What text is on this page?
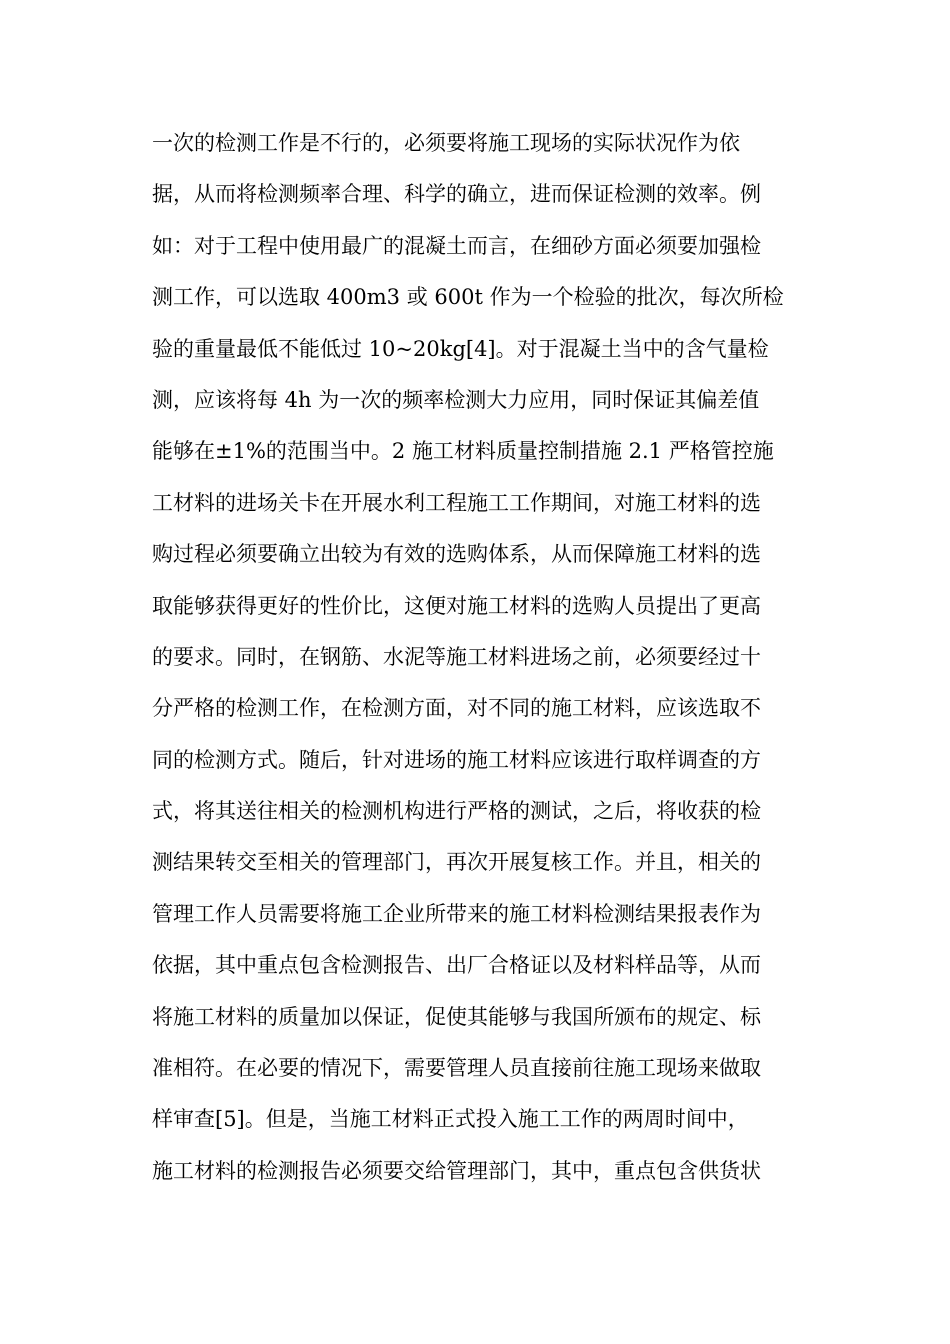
一次的检测工作是不行的，必须要将施工现场的实际状况作为依
据，从而将检测频率合理、科学的确立，进而保证检测的效率。例
如：对于工程中使用最广的混凝土而言，在细砂方面必须要加强检
测工作，可以选取 400m3 或 600t 作为一个检验的批次，每次所检
验的重量最低不能低过 10~20kg[4]。对于混凝土当中的含气量检
测，应该将每 4h 为一次的频率检测大力应用，同时保证其偏差值
能够在±1%的范围当中。2 施工材料质量控制措施 2.1 严格管控施
工材料的进场关卡在开展水利工程施工工作期间，对施工材料的选
购过程必须要确立出较为有效的选购体系，从而保障施工材料的选
取能够获得更好的性价比，这便对施工材料的选购人员提出了更高
的要求。同时，在钢筋、水泥等施工材料进场之前，必须要经过十
分严格的检测工作，在检测方面，对不同的施工材料，应该选取不
同的检测方式。随后，针对进场的施工材料应该进行取样调查的方
式，将其送往相关的检测机构进行严格的测试，之后，将收获的检
测结果转交至相关的管理部门，再次开展复核工作。并且，相关的
管理工作人员需要将施工企业所带来的施工材料检测结果报表作为
依据，其中重点包含检测报告、出厂合格证以及材料样品等，从而
将施工材料的质量加以保证，促使其能够与我国所颁布的规定、标
准相符。在必要的情况下，需要管理人员直接前往施工现场来做取
样审查[5]。但是，当施工材料正式投入施工工作的两周时间中，
施工材料的检测报告必须要交给管理部门，其中，重点包含供货状
